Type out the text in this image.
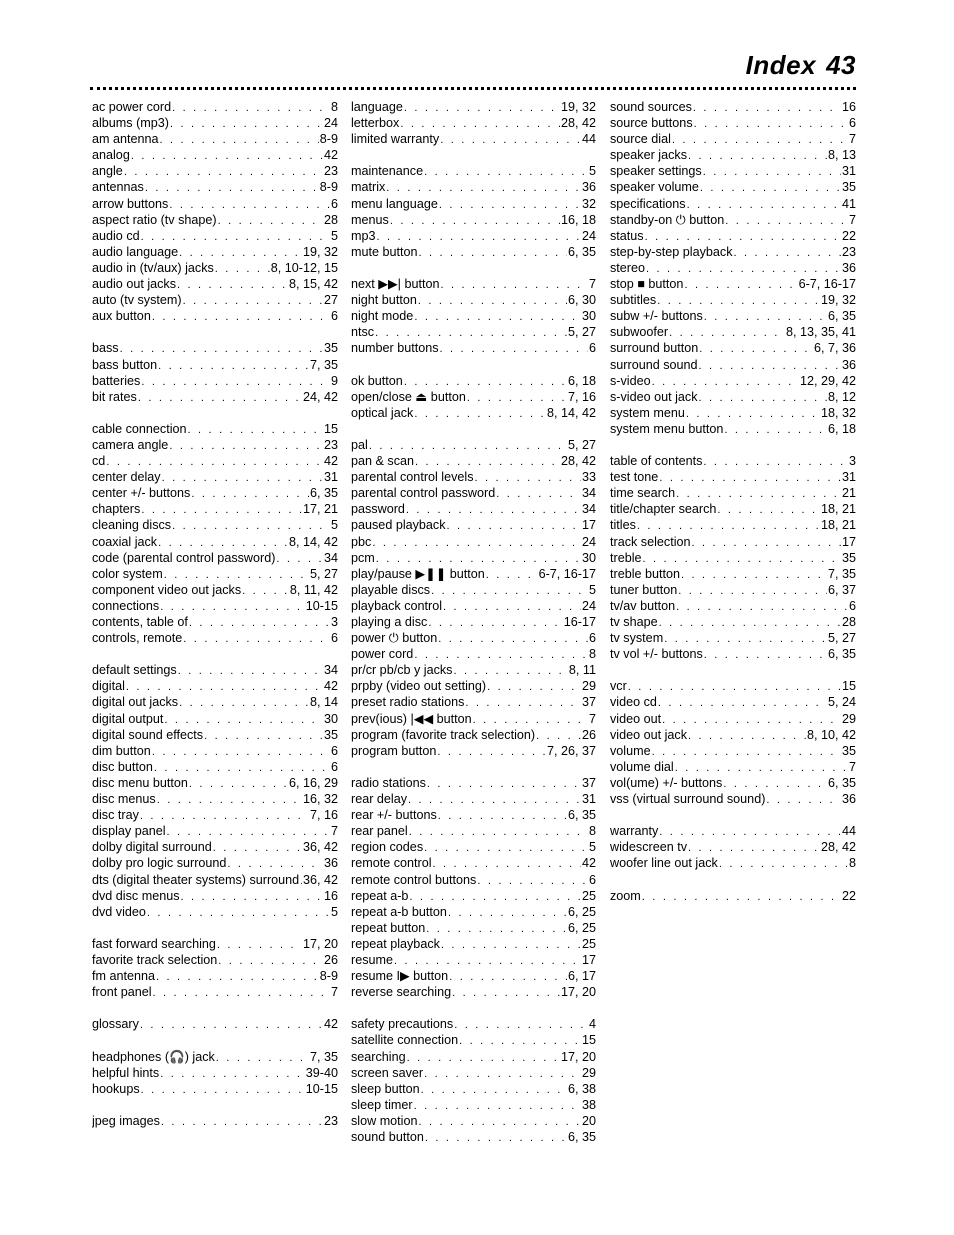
Index 43
ac power cord . . .	8
albums (mp3) . . .	24
am antenna . . .	8-9
analog . . .	42
angle . . .	23
antennas . . .	8-9
arrow buttons . . .	6
aspect ratio (tv shape) . . .	28
audio cd . . .	5
audio language . . .	19, 32
audio in (tv/aux) jacks . . .	8, 10-12, 15
audio out jacks . . .	8, 15, 42
auto (tv system) . . .	27
aux button . . .	6
bass . . .	35
bass button . . .	7, 35
batteries . . .	9
bit rates . . .	24, 42
cable connection . . .	15
camera angle . . .	23
cd . . .	42
center delay . . .	31
center +/- buttons . . .	6, 35
chapters . . .	17, 21
cleaning discs . . .	5
coaxial jack . . .	8, 14, 42
code (parental control password) . . .	34
color system . . .	5, 27
component video out jacks . . .	8, 11, 42
connections . . .	10-15
contents, table of . . .	3
controls, remote . . .	6
default settings . . .	34
digital . . .	42
digital out jacks . . .	8, 14
digital output . . .	30
digital sound effects . . .	35
dim button . . .	6
disc button . . .	6
disc menu button . . .	6, 16, 29
disc menus . . .	16, 32
disc tray . . .	7, 16
display panel . . .	7
dolby digital surround . . .	36, 42
dolby pro logic surround . . .	36
dts (digital theater systems) surround . . . 36, 42
dvd disc menus . . .	16
dvd video . . .	5
fast forward searching . . .	17, 20
favorite track selection . . .	26
fm antenna . . .	8-9
front panel . . .	7
glossary . . .	42
headphones (🎧) jack . . .	7, 35
helpful hints . . .	39-40
hookups . . .	10-15
jpeg images . . .	23
language . . .	19, 32
letterbox . . .	28, 42
limited warranty . . .	44
maintenance . . .	5
matrix . . .	36
menu language . . .	32
menus . . .	16, 18
mp3 . . .	24
mute button . . .	6, 35
next ▶▶| button . . .	7
night button . . .	6, 30
night mode . . .	30
ntsc . . .	5, 27
number buttons . . .	6
ok button . . .	6, 18
open/close ⏏ button . . .	7, 16
optical jack . . .	8, 14, 42
pal . . .	5, 27
pan & scan . . .	28, 42
parental control levels . . .	33
parental control password . . .	34
password . . .	34
paused playback . . .	17
pbc . . .	24
pcm . . .	30
play/pause ▶❚❚ button . . .	6-7, 16-17
playable discs . . .	5
playback control . . .	24
playing a disc . . .	16-17
power ⏻ button . . .	6
power cord . . .	8
pr/cr pb/cb y jacks . . .	8, 11
prpby (video out setting) . . .	29
preset radio stations . . .	37
prev(ious) |◀◀ button . . .	7
program (favorite track selection) . . .	26
program button . . .	7, 26, 37
radio stations . . .	37
rear delay . . .	31
rear +/- buttons . . .	6, 35
rear panel . . .	8
region codes . . .	5
remote control . . .	42
remote control buttons . . .	6
repeat a-b . . .	25
repeat a-b button . . .	6, 25
repeat button . . .	6, 25
repeat playback . . .	25
resume . . .	17
resume I▶ button . . .	6, 17
reverse searching . . .	17, 20
safety precautions . . .	4
satellite connection . . .	15
searching . . .	17, 20
screen saver . . .	29
sleep button . . .	6, 38
sleep timer . . .	38
slow motion . . .	20
sound button . . .	6, 35
sound sources . . .	16
source buttons . . .	6
source dial . . .	7
speaker jacks . . .	8, 13
speaker settings . . .	31
speaker volume . . .	35
specifications . . .	41
standby-on ⏻ button . . .	7
status . . .	22
step-by-step playback . . .	23
stereo . . .	36
stop ■ button . . .	6-7, 16-17
subtitles . . .	19, 32
subw +/- buttons . . .	6, 35
subwoofer . . .	8, 13, 35, 41
surround button . . .	6, 7, 36
surround sound . . .	36
s-video . . .	12, 29, 42
s-video out jack . . .	8, 12
system menu . . .	18, 32
system menu button . . .	6, 18
table of contents . . .	3
test tone . . .	31
time search . . .	21
title/chapter search . . .	18, 21
titles . . .	18, 21
track selection . . .	17
treble . . .	35
treble button . . .	7, 35
tuner button . . .	6, 37
tv/av button . . .	6
tv shape . . .	28
tv system . . .	5, 27
tv vol +/- buttons . . .	6, 35
vcr . . .	15
video cd . . .	5, 24
video out . . .	29
video out jack . . .	8, 10, 42
volume . . .	35
volume dial . . .	7
vol(ume) +/- buttons . . .	6, 35
vss (virtual surround sound) . . .	36
warranty . . .	44
widescreen tv . . .	28, 42
woofer line out jack . . .	8
zoom . . .	22
